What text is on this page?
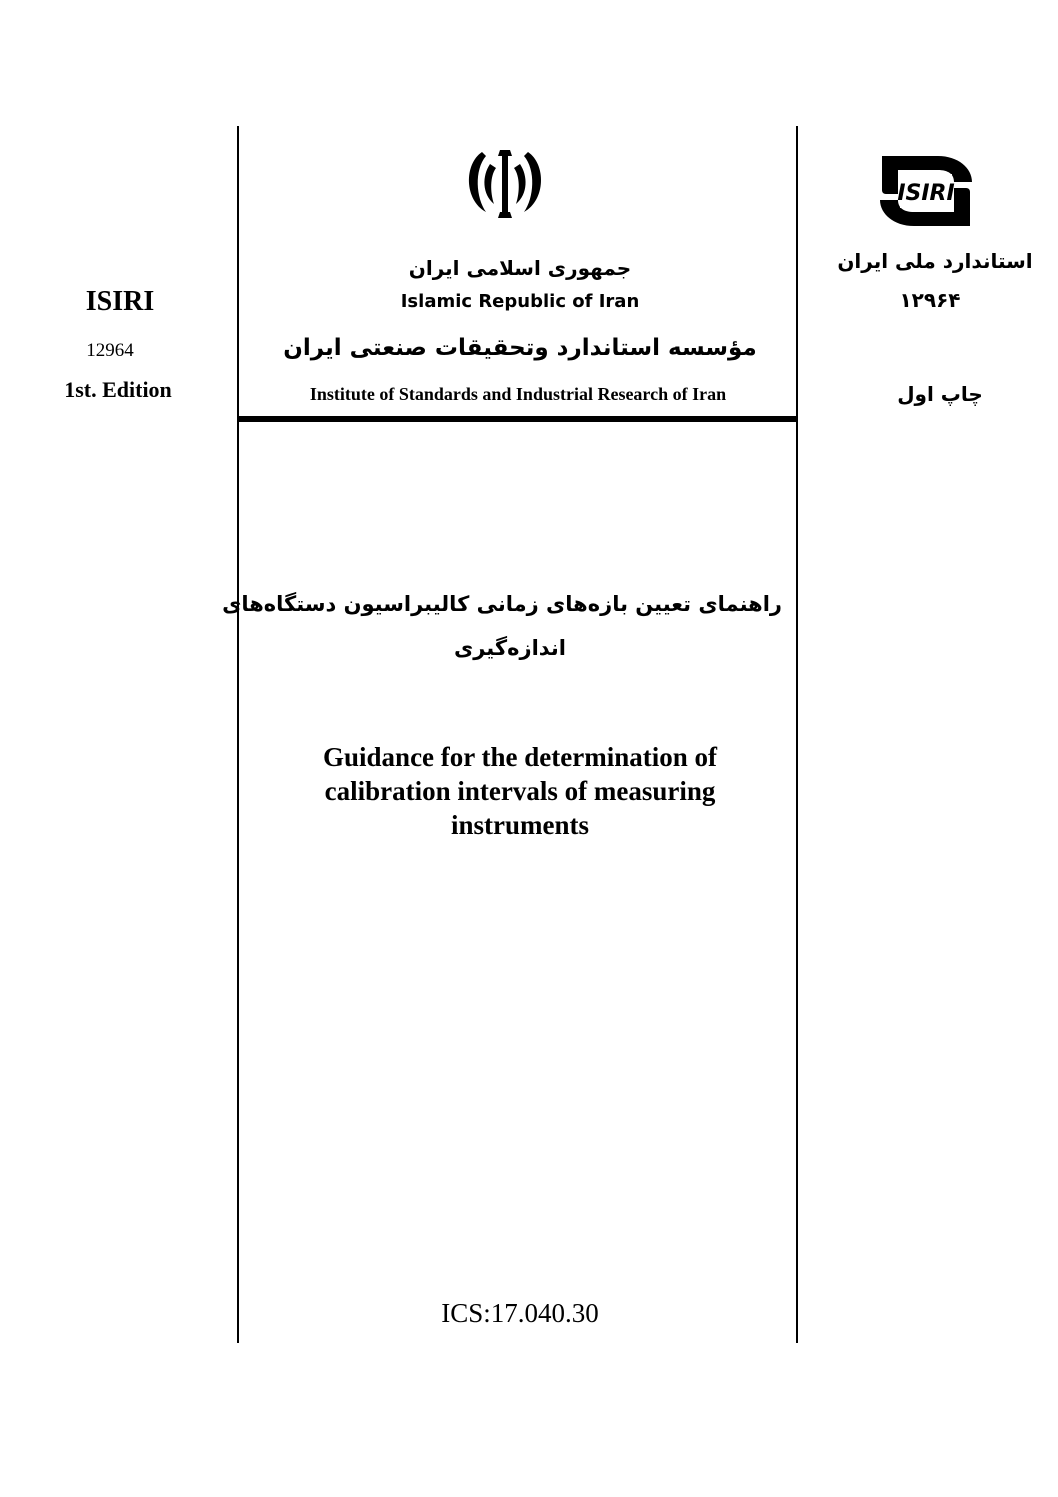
ISIRI
12964
1st. Edition
جمهوری اسلامی ایران
Islamic Republic of Iran
مؤسسه استاندارد وتحقیقات صنعتی ایران
Institute of Standards and Industrial Research of Iran
ISIRI
استاندارد ملی ایران
۱۲۹۶۴
چاپ اول
راهنمای تعیین بازه‌های زمانی کالیبراسیون دستگاه‌های
اندازه‌گیری
Guidance for the determination of
calibration intervals of measuring
instruments
ICS:17.040.30
